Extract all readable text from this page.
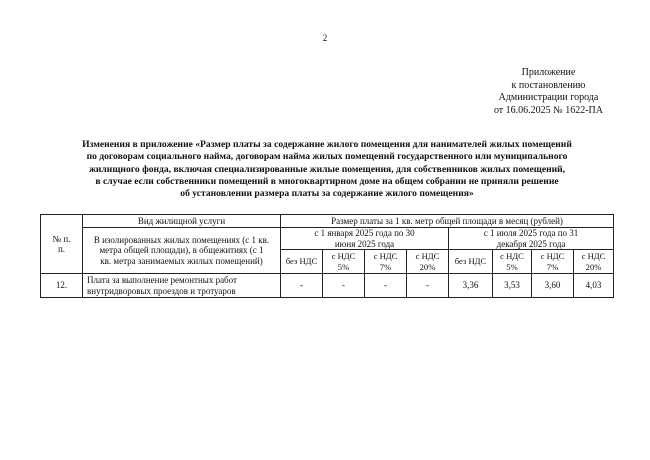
2
Приложение
к постановлению
Администрации города
от 16.06.2025 № 1622-ПА
Изменения в приложение «Размер платы за содержание жилого помещения для нанимателей жилых помещений
по договорам социального найма, договорам найма жилых помещений государственного или муниципального
жилищного фонда, включая специализированные жилые помещения, для собственников жилых помещений,
в случае если собственники помещений в многоквартирном доме на общем собрании не приняли решение
об установлении размера платы за содержание жилого помещения»
№ п. п.	Вид жилищной услуги	Размер платы за 1 кв. метр общей площади в месяц (рублей)							
	В изолированных жилых помещениях (с 1 кв. метра общей площади), в общежитиях (с 1 кв. метра занимаемых жилых помещений)	с 1 января 2025 года по 30 июня 2025 года				с 1 июля 2025 года по 31 декабря 2025 года			
		без НДС	с НДС 5%	с НДС 7%	с НДС 20%	без НДС	с НДС 5%	с НДС 7%	с НДС 20%
12.	Плата за выполнение ремонтных работ внутридворовых проездов и тротуаров	-	-	-	-	3,36	3,53	3,60	4,03
